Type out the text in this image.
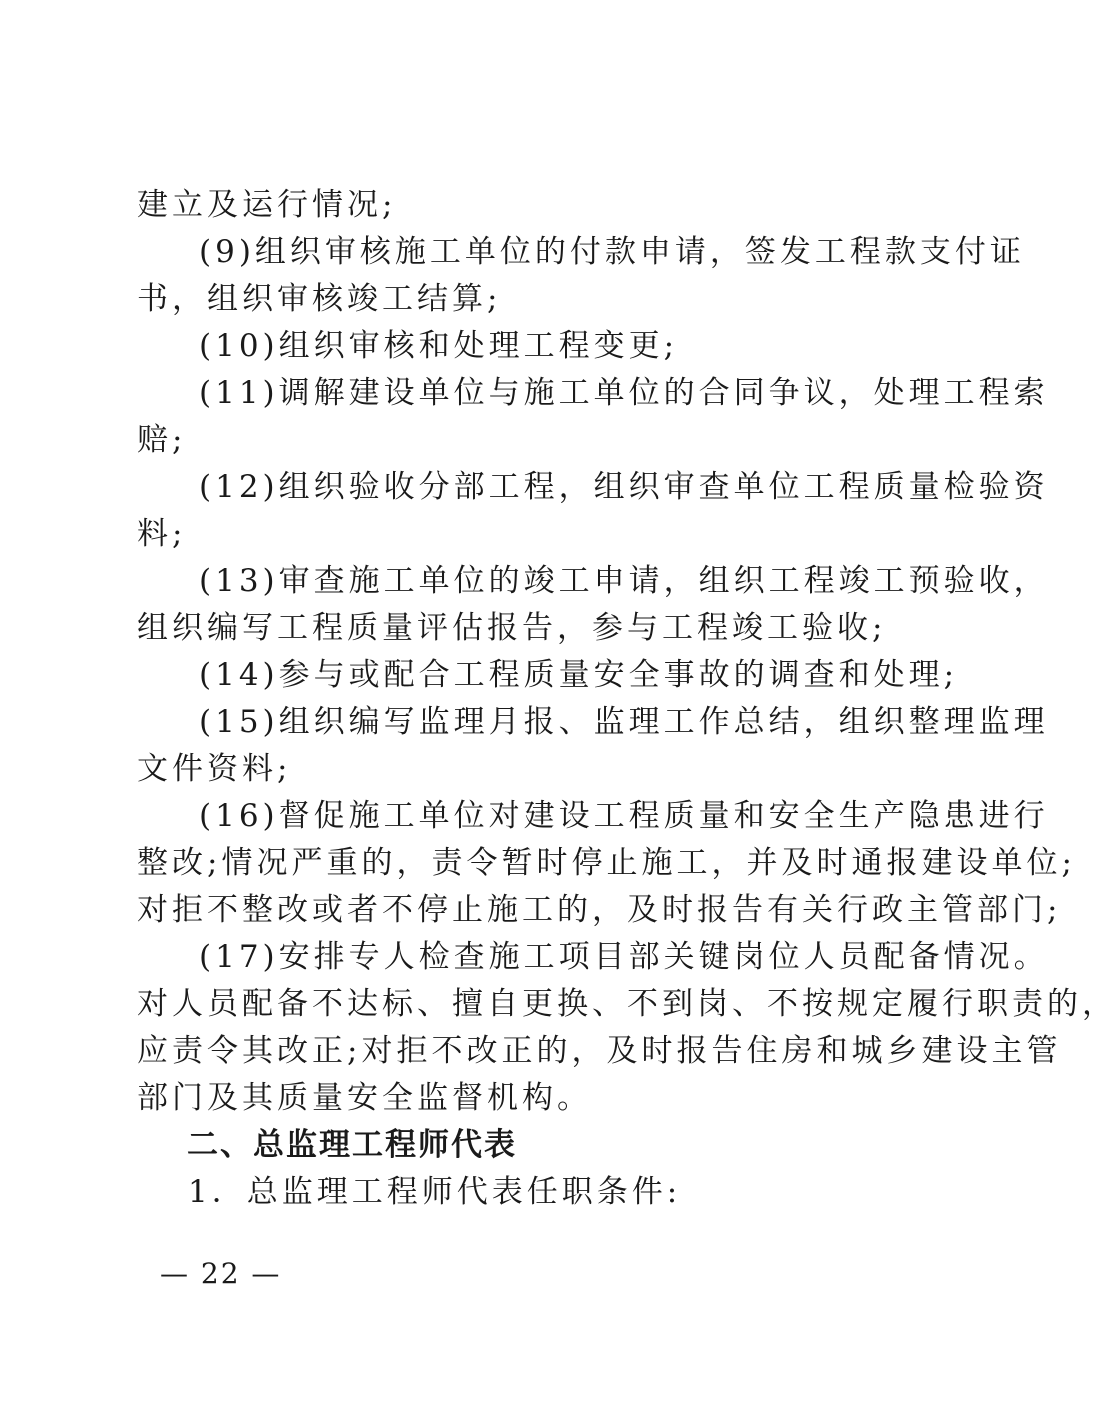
建立及运行情况;
(9)组织审核施工单位的付款申请，签发工程款支付证
书，组织审核竣工结算;
(10)组织审核和处理工程变更;
(11)调解建设单位与施工单位的合同争议，处理工程索
赔;
(12)组织验收分部工程，组织审查单位工程质量检验资
料;
(13)审查施工单位的竣工申请，组织工程竣工预验收，
组织编写工程质量评估报告，参与工程竣工验收;
(14)参与或配合工程质量安全事故的调查和处理;
(15)组织编写监理月报、监理工作总结，组织整理监理
文件资料;
(16)督促施工单位对建设工程质量和安全生产隐患进行
整改;情况严重的，责令暂时停止施工，并及时通报建设单位;
对拒不整改或者不停止施工的，及时报告有关行政主管部门;
(17)安排专人检查施工项目部关键岗位人员配备情况。
对人员配备不达标、擅自更换、不到岗、不按规定履行职责的，
应责令其改正;对拒不改正的，及时报告住房和城乡建设主管
部门及其质量安全监督机构。
二、总监理工程师代表
1．总监理工程师代表任职条件:
— 22 —
